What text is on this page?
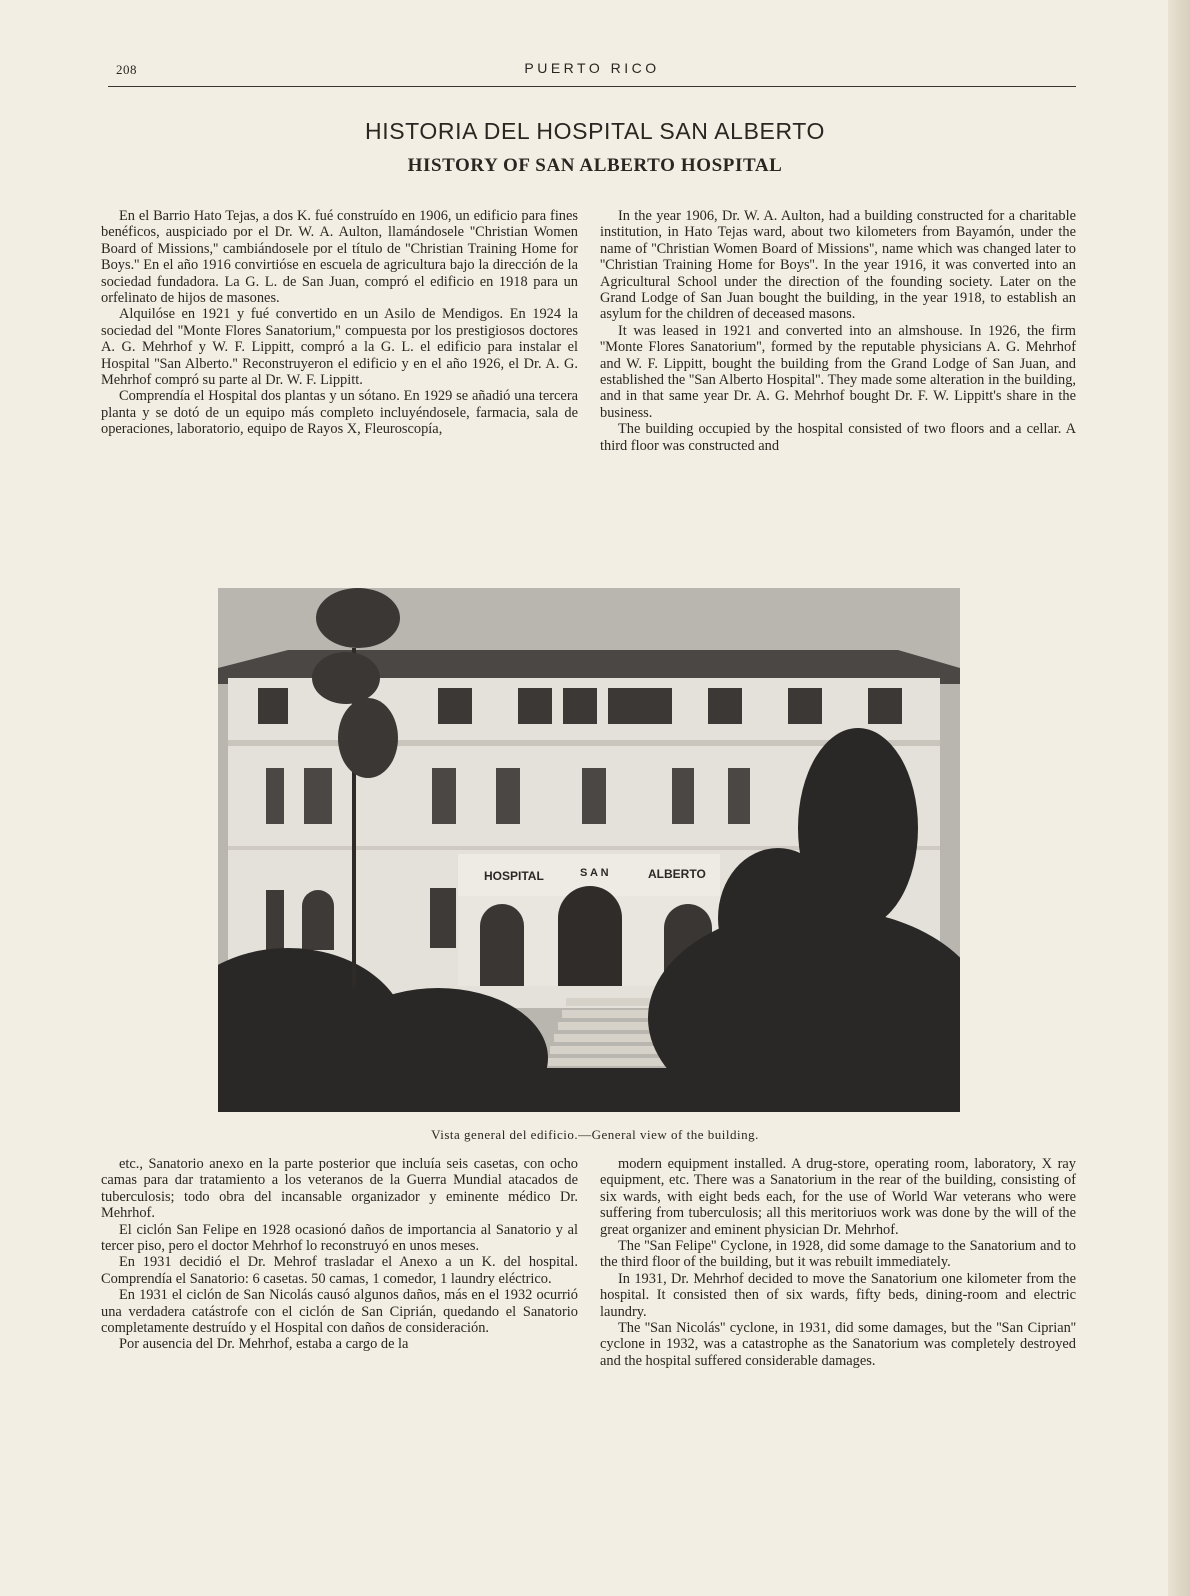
208	PUERTO RICO
HISTORIA DEL HOSPITAL SAN ALBERTO
HISTORY OF SAN ALBERTO HOSPITAL

En el Barrio Hato Tejas, a dos K. fué construído en 1906, un edificio para fines benéficos, auspiciado por el Dr. W. A. Aulton, llamándosele ''Christian Women Board of Missions,'' cambiándosele por el título de ''Christian Training Home for Boys.'' En el año 1916 convirtióse en escuela de agricultura bajo la dirección de la sociedad fundadora. La G. L. de San Juan, compró el edificio en 1918 para un orfelinato de hijos de masones.

Alquilóse en 1921 y fué convertido en un Asilo de Mendigos. En 1924 la sociedad del ''Monte Flores Sanatorium,'' compuesta por los prestigiosos doctores A. G. Mehrhof y W. F. Lippitt, compró a la G. L. el edificio para instalar el Hospital ''San Alberto.'' Reconstruyeron el edificio y en el año 1926, el Dr. A. G. Mehrhof compró su parte al Dr. W. F. Lippitt.

Comprendía el Hospital dos plantas y un sótano. En 1929 se añadió una tercera planta y se dotó de un equipo más completo incluyéndosele, farmacia, sala de operaciones, laboratorio, equipo de Rayos X, Fleuroscopía,

In the year 1906, Dr. W. A. Aulton, had a building constructed for a charitable institution, in Hato Tejas ward, about two kilometers from Bayamón, under the name of ''Christian Women Board of Missions'', name which was changed later to ''Christian Training Home for Boys''. In the year 1916, it was converted into an Agricultural School under the direction of the founding society. Later on the Grand Lodge of San Juan bought the building, in the year 1918, to establish an asylum for the children of deceased masons.

It was leased in 1921 and converted into an almshouse. In 1926, the firm ''Monte Flores Sanatorium'', formed by the reputable physicians A. G. Mehrhof and W. F. Lippitt, bought the building from the Grand Lodge of San Juan, and established the ''San Alberto Hospital''. They made some alteration in the building, and in that same year Dr. A. G. Mehrhof bought Dr. F. W. Lippitt's share in the business.

The building occupied by the hospital consisted of two floors and a cellar. A third floor was constructed and

HOSPITAL	S A N	ALBERTO
Vista general del edificio.—General view of the building.

etc., Sanatorio anexo en la parte posterior que incluía seis casetas, con ocho camas para dar tratamiento a los veteranos de la Guerra Mundial atacados de tuberculosis; todo obra del incansable organizador y eminente médico Dr. Mehrhof.

El ciclón San Felipe en 1928 ocasionó daños de importancia al Sanatorio y al tercer piso, pero el doctor Mehrhof lo reconstruyó en unos meses.

En 1931 decidió el Dr. Mehrof trasladar el Anexo a un K. del hospital. Comprendía el Sanatorio: 6 casetas. 50 camas, 1 comedor, 1 laundry eléctrico.

En 1931 el ciclón de San Nicolás causó algunos daños, más en el 1932 ocurrió una verdadera catástrofe con el ciclón de San Ciprián, quedando el Sanatorio completamente destruído y el Hospital con daños de consideración.

Por ausencia del Dr. Mehrhof, estaba a cargo de la

modern equipment installed. A drug-store, operating room, laboratory, X ray equipment, etc. There was a Sanatorium in the rear of the building, consisting of six wards, with eight beds each, for the use of World War veterans who were suffering from tuberculosis; all this meritoriuos work was done by the will of the great organizer and eminent physician Dr. Mehrhof.

The ''San Felipe'' Cyclone, in 1928, did some damage to the Sanatorium and to the third floor of the building, but it was rebuilt immediately.

In 1931, Dr. Mehrhof decided to move the Sanatorium one kilometer from the hospital. It consisted then of six wards, fifty beds, dining-room and electric laundry.

The ''San Nicolás'' cyclone, in 1931, did some damages, but the ''San Ciprian'' cyclone in 1932, was a catastrophe as the Sanatorium was completely destroyed and the hospital suffered considerable damages.
